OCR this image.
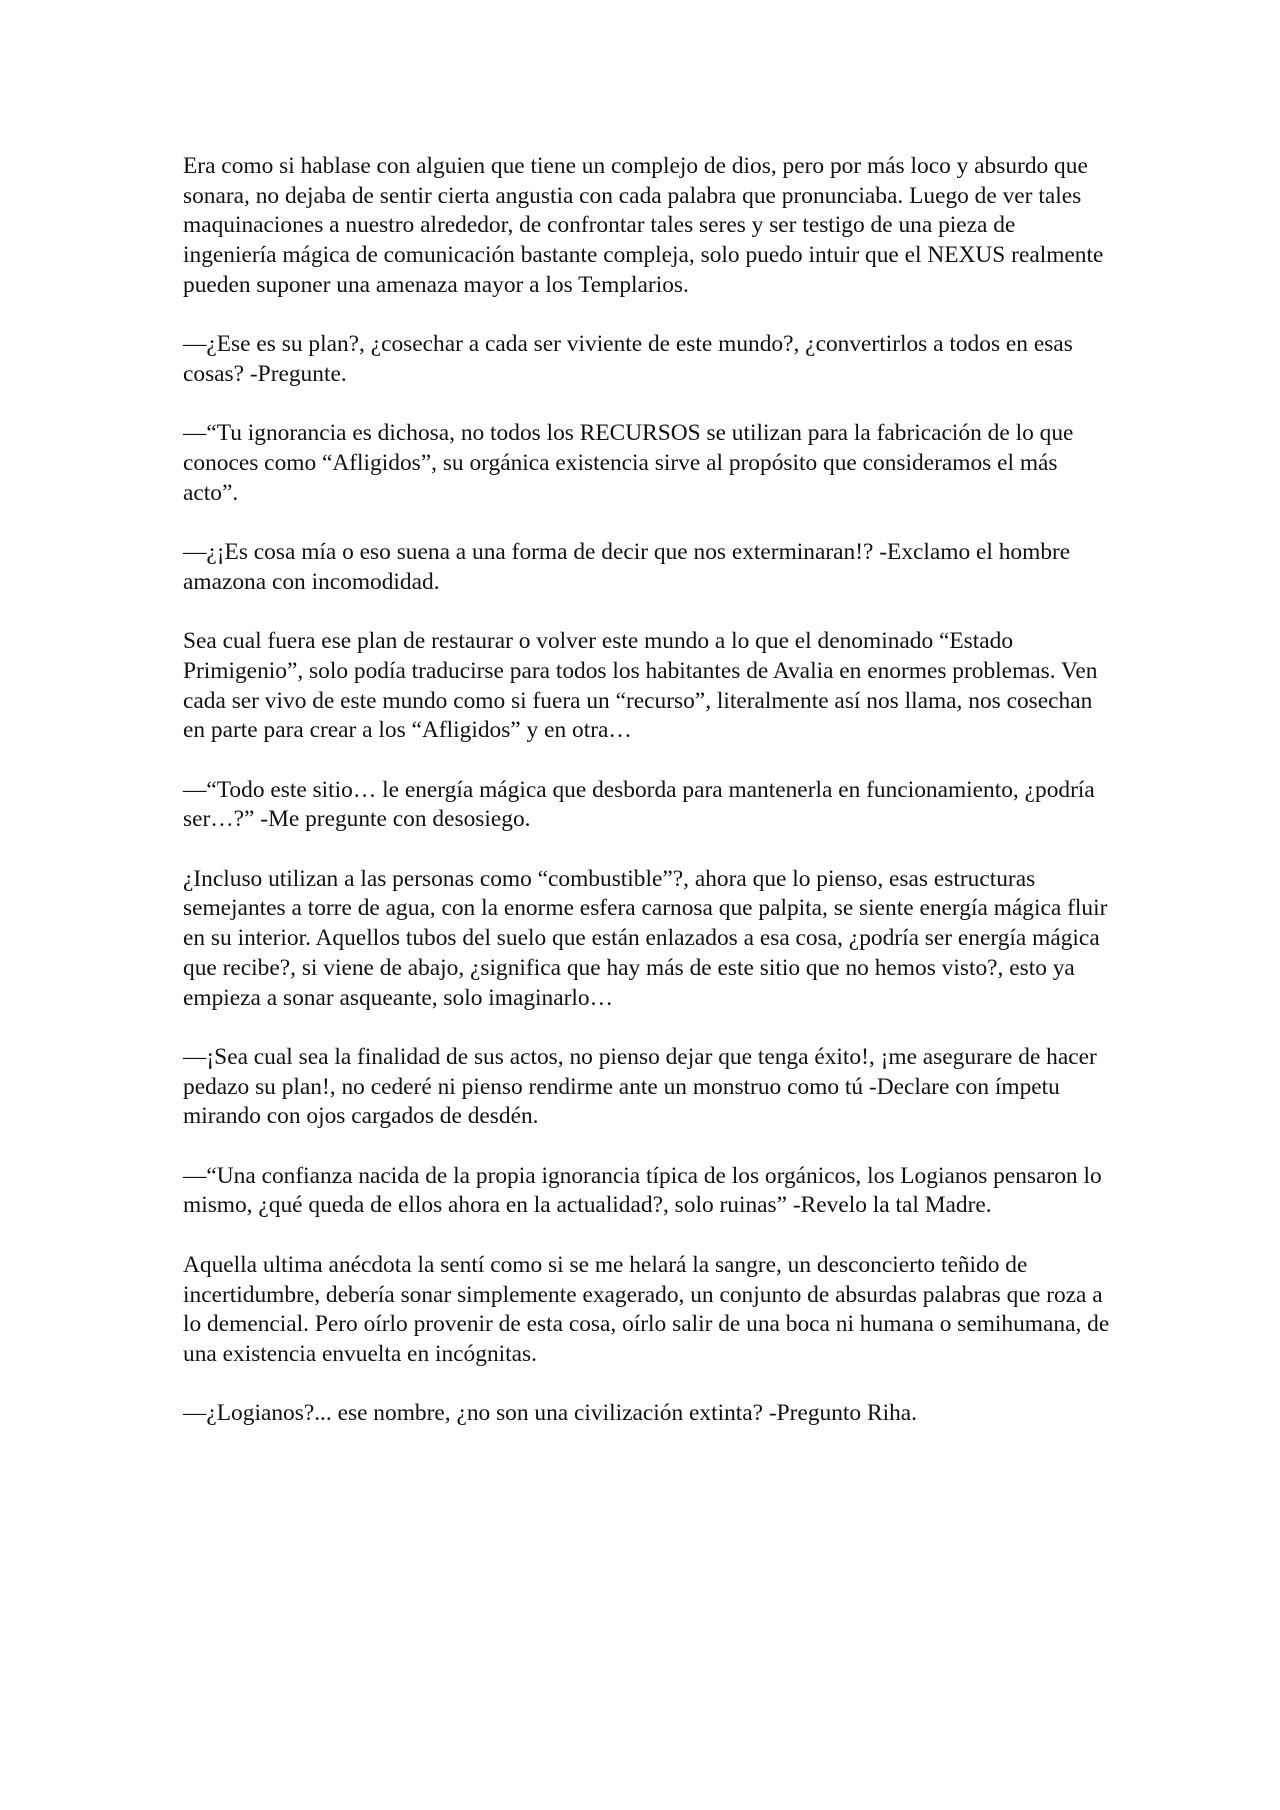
Era como si hablase con alguien que tiene un complejo de dios, pero por más loco y absurdo que sonara, no dejaba de sentir cierta angustia con cada palabra que pronunciaba. Luego de ver tales maquinaciones a nuestro alrededor, de confrontar tales seres y ser testigo de una pieza de ingeniería mágica de comunicación bastante compleja, solo puedo intuir que el NEXUS realmente pueden suponer una amenaza mayor a los Templarios.

—¿Ese es su plan?, ¿cosechar a cada ser viviente de este mundo?, ¿convertirlos a todos en esas cosas? -Pregunte.

—“Tu ignorancia es dichosa, no todos los RECURSOS se utilizan para la fabricación de lo que conoces como “Afligidos”, su orgánica existencia sirve al propósito que consideramos el más acto”.

—¿¡Es cosa mía o eso suena a una forma de decir que nos exterminaran!? -Exclamo el hombre amazona con incomodidad.

Sea cual fuera ese plan de restaurar o volver este mundo a lo que el denominado “Estado Primigenio”, solo podía traducirse para todos los habitantes de Avalia en enormes problemas. Ven cada ser vivo de este mundo como si fuera un “recurso”, literalmente así nos llama, nos cosechan en parte para crear a los “Afligidos” y en otra…

—“Todo este sitio… le energía mágica que desborda para mantenerla en funcionamiento, ¿podría ser…?” -Me pregunte con desosiego.

¿Incluso utilizan a las personas como “combustible”?, ahora que lo pienso, esas estructuras semejantes a torre de agua, con la enorme esfera carnosa que palpita, se siente energía mágica fluir en su interior. Aquellos tubos del suelo que están enlazados a esa cosa, ¿podría ser energía mágica que recibe?, si viene de abajo, ¿significa que hay más de este sitio que no hemos visto?, esto ya empieza a sonar asqueante, solo imaginarlo…

—¡Sea cual sea la finalidad de sus actos, no pienso dejar que tenga éxito!, ¡me asegurare de hacer pedazo su plan!, no cederé ni pienso rendirme ante un monstruo como tú -Declare con ímpetu mirando con ojos cargados de desdén.

—“Una confianza nacida de la propia ignorancia típica de los orgánicos, los Logianos pensaron lo mismo, ¿qué queda de ellos ahora en la actualidad?, solo ruinas” -Revelo la tal Madre.

Aquella ultima anécdota la sentí como si se me helará la sangre, un desconcierto teñido de incertidumbre, debería sonar simplemente exagerado, un conjunto de absurdas palabras que roza a lo demencial. Pero oírlo provenir de esta cosa, oírlo salir de una boca ni humana o semihumana, de una existencia envuelta en incógnitas.

—¿Logianos?... ese nombre, ¿no son una civilización extinta? -Pregunto Riha.
